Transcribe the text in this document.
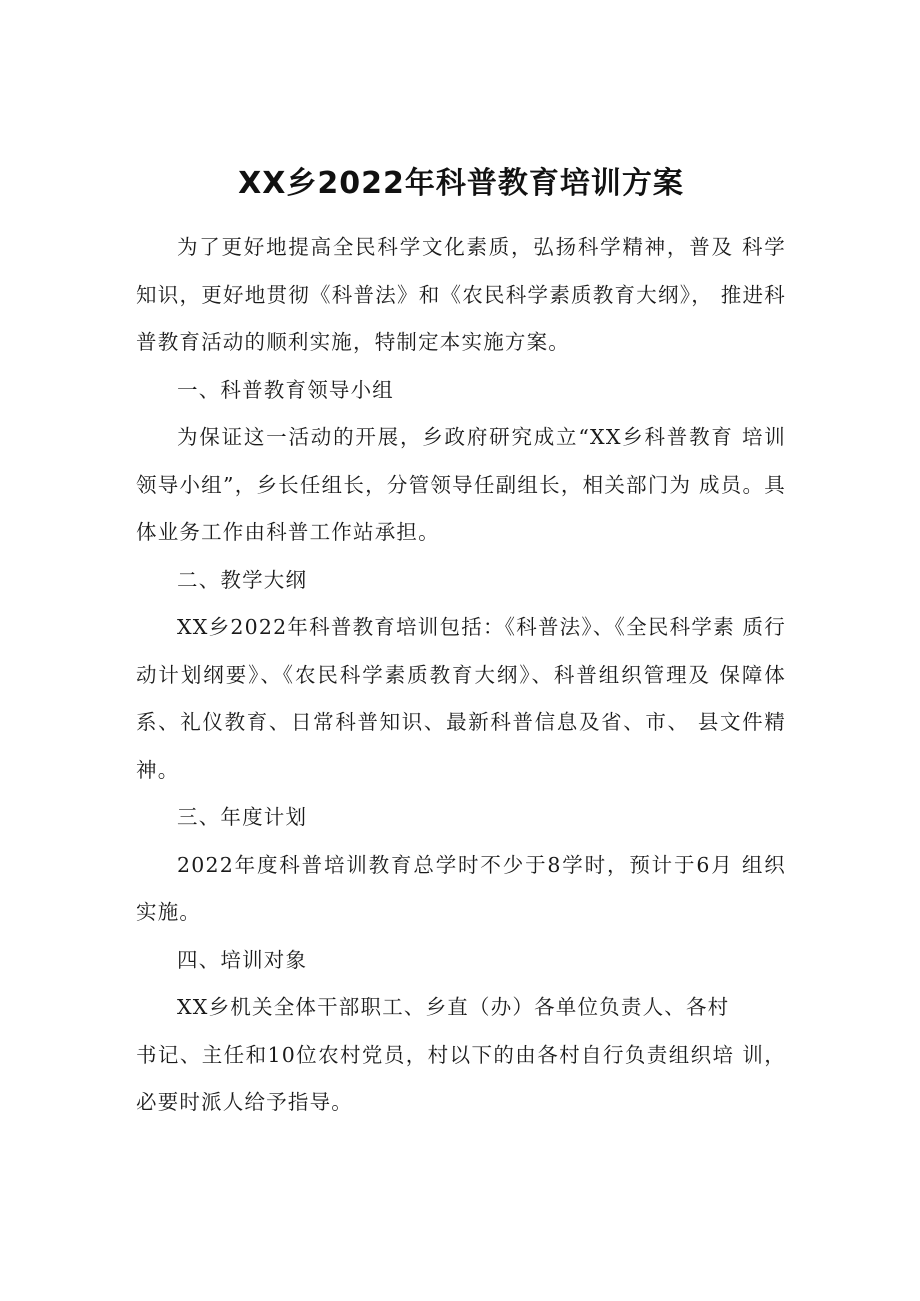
XX乡2022年科普教育培训方案

为了更好地提高全民科学文化素质，弘扬科学精神，普及 科学知识，更好地贯彻《科普法》和《农民科学素质教育大纲》， 推进科普教育活动的顺利实施，特制定本实施方案。

一、科普教育领导小组

为保证这一活动的开展，乡政府研究成立“XX乡科普教育 培训领导小组”，乡长任组长，分管领导任副组长，相关部门为 成员。具体业务工作由科普工作站承担。

二、教学大纲

XX乡2022年科普教育培训包括：《科普法》、《全民科学素 质行动计划纲要》、《农民科学素质教育大纲》、科普组织管理及 保障体系、礼仪教育、日常科普知识、最新科普信息及省、市、 县文件精神。

三、年度计划

2022年度科普培训教育总学时不少于8学时，预计于6月 组织实施。

四、培训对象

XX乡机关全体干部职工、乡直（办）各单位负责人、各村

书记、主任和10位农村党员，村以下的由各村自行负责组织培 训，必要时派人给予指导。
